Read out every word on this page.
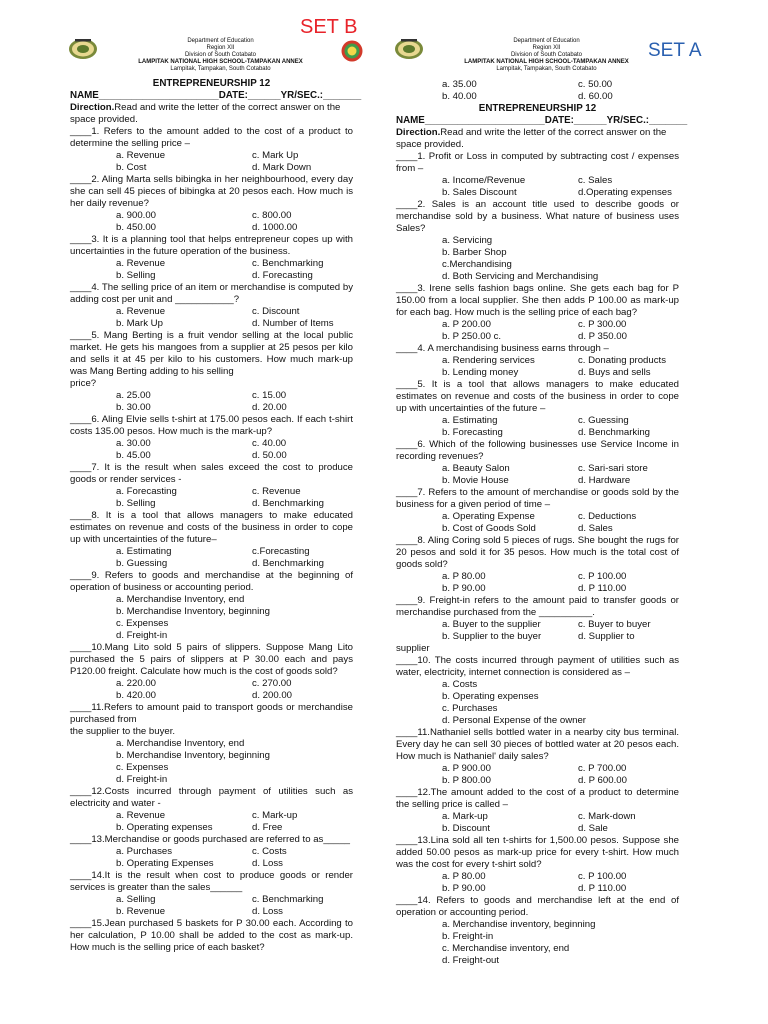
SET B
SET A
Department of Education
Region XII
Division of South Cotabato
LAMPITAK NATIONAL HIGH SCHOOL-TAMPAKAN ANNEX
Lampitak, Tampakan, South Cotabato
ENTREPRENEURSHIP 12
NAME______________________DATE:______YR/SEC.:_______
Direction.Read and write the letter of the correct answer on the space provided.
____1. Refers to the amount added to the cost of a product to determine the selling price –
a. Revenue	c. Mark Up
b. Cost	d. Mark Down
____2. Aling Marta sells bibingka in her neighbourhood, every day she can sell 45 pieces of bibingka at 20 pesos each. How much is her daily revenue?
a. 900.00	c. 800.00
b. 450.00	d. 1000.00
____3. It is a planning tool that helps entrepreneur copes up with uncertainties in the future operation of the business.
a. Revenue	c. Benchmarking
b. Selling	d. Forecasting
____4. The selling price of an item or merchandise is computed by adding cost per unit and ___________?
a. Revenue	c. Discount
b. Mark Up	d. Number of Items
____5. Mang Berting is a fruit vendor selling at the local public market. He gets his mangoes from a supplier at 25 pesos per kilo and sells it at 45 per kilo to his customers. How much mark-up was Mang Berting adding to his selling
price?
a. 25.00	c. 15.00
b. 30.00	d. 20.00
____6. Aling Elvie sells t-shirt at 175.00 pesos each. If each t-shirt costs 135.00 pesos. How much is the mark-up?
a. 30.00	c. 40.00
b. 45.00	d. 50.00
____7. It is the result when sales exceed the cost to produce goods or render services -
a. Forecasting	c. Revenue
b. Selling	d. Benchmarking
____8. It is a tool that allows managers to make educated estimates on revenue and costs of the business in order to cope up with uncertainties of the future–
a. Estimating	c.Forecasting
b. Guessing	d. Benchmarking
____9. Refers to goods and merchandise at the beginning of operation of business or accounting period.
a. Merchandise Inventory, end
b. Merchandise Inventory, beginning
c. Expenses
d. Freight-in
____10.Mang Lito sold 5 pairs of slippers. Suppose Mang Lito purchased the 5 pairs of slippers at P 30.00 each and pays P120.00 freight. Calculate how much is the cost of goods sold?
a. 220.00	c. 270.00
b. 420.00	d. 200.00
____11.Refers to amount paid to transport goods or merchandise purchased from
the supplier to the buyer.
a. Merchandise Inventory, end
b. Merchandise Inventory, beginning
c. Expenses
d. Freight-in
____12.Costs incurred through payment of utilities such as electricity and water -
a. Revenue	c. Mark-up
b. Operating expenses	d. Free
____13.Merchandise or goods purchased are referred to as_____
a. Purchases	c. Costs
b. Operating Expenses	d. Loss
____14.It is the result when cost to produce goods or render services is greater than the sales______
a. Selling	c. Benchmarking
b. Revenue	d. Loss
____15.Jean purchased 5 baskets for P 30.00 each. According to her calculation, P 10.00 shall be added to the cost as mark-up. How much is the selling price of each basket?
a. 35.00	c. 50.00
b. 40.00	d. 60.00
Department of Education
Region XII
Division of South Cotabato
LAMPITAK NATIONAL HIGH SCHOOL-TAMPAKAN ANNEX
Lampitak, Tampakan, South Cotabato
ENTREPRENEURSHIP 12
NAME______________________DATE:______YR/SEC.:_______
Direction.Read and write the letter of the correct answer on the space provided.
____1. Profit or Loss in computed by subtracting cost / expenses from –
a. Income/Revenue	c. Sales
b. Sales Discount	d.Operating expenses
____2. Sales is an account title used to describe goods or merchandise sold by a business. What nature of business uses Sales?
a. Servicing
b. Barber Shop
c.Merchandising
d. Both Servicing and Merchandising
____3. Irene sells fashion bags online. She gets each bag for P 150.00 from a local supplier. She then adds P 100.00 as mark-up for each bag. How much is the selling price of each bag?
a. P 200.00	c. P 300.00
b. P 250.00 c.	d. P 350.00
____4. A merchandising business earns through –
a. Rendering services	c. Donating products
b. Lending money	d. Buys and sells
____5. It is a tool that allows managers to make educated estimates on revenue and costs of the business in order to cope up with uncertainties of the future –
a. Estimating	c. Guessing
b. Forecasting	d. Benchmarking
____6. Which of the following businesses use Service Income in recording revenues?
a. Beauty Salon	c. Sari-sari store
b. Movie House	d. Hardware
____7. Refers to the amount of merchandise or goods sold by the business for a given period of time –
a. Operating Expense	c. Deductions
b. Cost of Goods Sold	d. Sales
____8. Aling Coring sold 5 pieces of rugs. She bought the rugs for 20 pesos and sold it for 35 pesos. How much is the total cost of goods sold?
a. P 80.00	c. P 100.00
b. P 90.00	d. P 110.00
____9. Freight-in refers to the amount paid to transfer goods or merchandise purchased from the __________.
a. Buyer to the supplier	c. Buyer to buyer
b. Supplier to the buyer	d. Supplier to
supplier
____10. The costs incurred through payment of utilities such as water, electricity, internet connection is considered as –
a. Costs
b. Operating expenses
c. Purchases
d. Personal Expense of the owner
____11.Nathaniel sells bottled water in a nearby city bus terminal. Every day he can sell 30 pieces of bottled water at 20 pesos each. How much is Nathaniel' daily sales?
a. P 900.00	c. P 700.00
b. P 800.00	d. P 600.00
____12.The amount added to the cost of a product to determine the selling price is called –
a. Mark-up	c. Mark-down
b. Discount	d. Sale
____13.Lina sold all ten t-shirts for 1,500.00 pesos. Suppose she added 50.00 pesos as mark-up price for every t-shirt. How much was the cost for every t-shirt sold?
a. P 80.00	c. P 100.00
b. P 90.00	d. P 110.00
____14. Refers to goods and merchandise left at the end of operation or accounting period.
a. Merchandise inventory, beginning
b. Freight-in
c. Merchandise inventory, end
d. Freight-out
